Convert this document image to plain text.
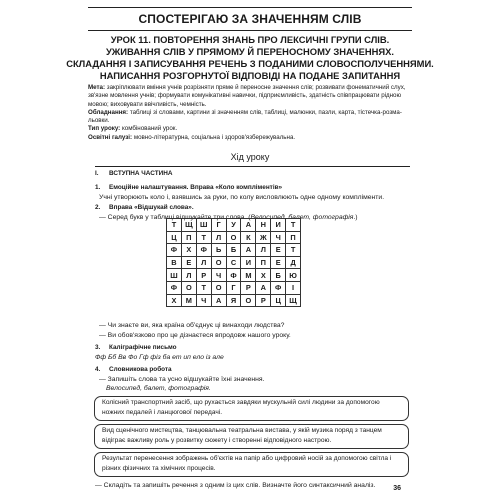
СПОСТЕРІГАЮ ЗА ЗНАЧЕННЯМ СЛІВ
УРОК 11. ПОВТОРЕННЯ ЗНАНЬ ПРО ЛЕКСИЧНІ ГРУПИ СЛІВ.
УЖИВАННЯ СЛІВ У ПРЯМОМУ Й ПЕРЕНОСНОМУ ЗНАЧЕННЯХ.
СКЛАДАННЯ І ЗАПИСУВАННЯ РЕЧЕНЬ З ПОДАНИМИ СЛОВОСПОЛУЧЕННЯМИ.
НАПИСАННЯ РОЗГОРНУТОЇ ВІДПОВІДІ НА ПОДАНЕ ЗАПИТАННЯ

Мета: закріплювати вміння учнів розрізняти пряме й переносне значення слів; розвивати фонематичний слух,

зв'язне мовлення учнів; формувати комунікативні навички, підприємливість, здатність співпрацювати рідною

мовою; виховувати ввічливість, чемність.

Обладнання: таблиці зі словами, картини зі значенням слів, таблиці, малюнки, пазли, карта, тістечка-розма-

льовки.

Тип уроку: комбінований урок.

Освітні галузі: мовно-літературна, соціальна і здоров'язбережувальна.

Хід уроку
I. ВСТУПНА ЧАСТИНА
1. Емоційне налаштування. Вправа «Коло компліментів»
Учні утворюють коло і, взявшись за руки, по колу висловлюють одне одному компліменти.
2. Вправа «Відшукай слова».
— Серед букв у таблиці відшукайте три слова. (Велосипед, балет, фотографія.)
Т	Щ	Ш	Г	У	А	Н	И	Т
Ц	П	Т	Л	О	К	Ж	Ч	П
Ф	Х	Ф	Ь	Б	А	Л	Е	Т
В	Е	Л	О	С	И	П	Е	Д
Ш	Л	Р	Ч	Ф	М	Х	Б	Ю
Ф	О	Т	О	Г	Р	А	Ф	І
Х	М	Ч	А	Я	О	Р	Ц	Щ
— Чи знаєте ви, яка країна об'єднує ці винаходи людства?
— Ви обов'язково про це дізнаєтеся впродовж нашого уроку.
3. Каліграфічне письмо
Фф Бб Вв Фо Гф фіз ба ет ип ело із але
4. Словникова робота
— Запишіть слова та усно відшукайте їхні значення.
Велосипед, балет, фотографія.
Колісний транспортний засіб, що рухається завдяки мускульній силі людини за допомогою ножних педалей і ланцюгової передачі.
Вид сценічного мистецтва, танцювальна театральна вистава, у якій музика поряд з танцем відіграє важливу роль у розвитку сюжету і створенні відповідного настрою.
Результат перенесення зображень об'єктів на папір або цифровий носій за допомогою світла і різних фізичних та хімічних процесів.
— Складіть та запишіть речення з одним із цих слів. Визначте його синтаксичний аналіз.	36
